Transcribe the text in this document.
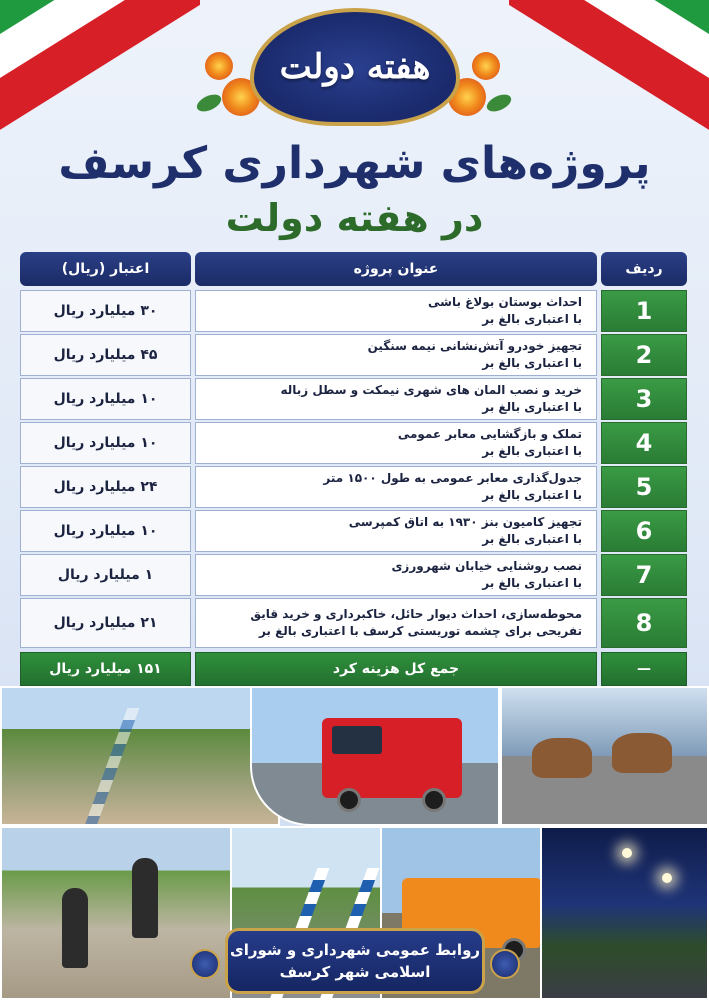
☫	☫
هفته دولت
پروژه‌های شهرداری کرسف
در هفته دولت
ردیف
عنوان پروژه
اعتبار (ریال)
1
احداث بوستان بولاغ باشی
با اعتباری بالغ بر
۳۰ میلیارد ریال
2
تجهیز خودرو آتش‌نشانی نیمه سنگین
با اعتباری بالغ بر
۴۵ میلیارد ریال
3
خرید و نصب المان های شهری نیمکت و سطل زباله
با اعتباری بالغ بر
۱۰ میلیارد ریال
4
تملک و بازگشایی معابر عمومی
با اعتباری بالغ بر
۱۰ میلیارد ریال
5
جدول‌گذاری معابر عمومی به طول ۱۵۰۰ متر
با اعتباری بالغ بر
۲۴ میلیارد ریال
6
تجهیز کامیون بنز ۱۹۳۰ به اتاق کمپرسی
با اعتباری بالغ بر
۱۰ میلیارد ریال
7
نصب روشنایی خیابان شهرورزی
با اعتباری بالغ بر
۱ میلیارد ریال
8
محوطه‌سازی، احداث دیوار حائل، خاکبرداری و خرید قایق
تفریحی برای چشمه توریستی کرسف با اعتباری بالغ بر
۲۱ میلیارد ریال
—
جمع کل هزینه کرد
۱۵۱ میلیارد ریال
روابط عمومی شهرداری و شورای
اسلامی شهر کرسف
